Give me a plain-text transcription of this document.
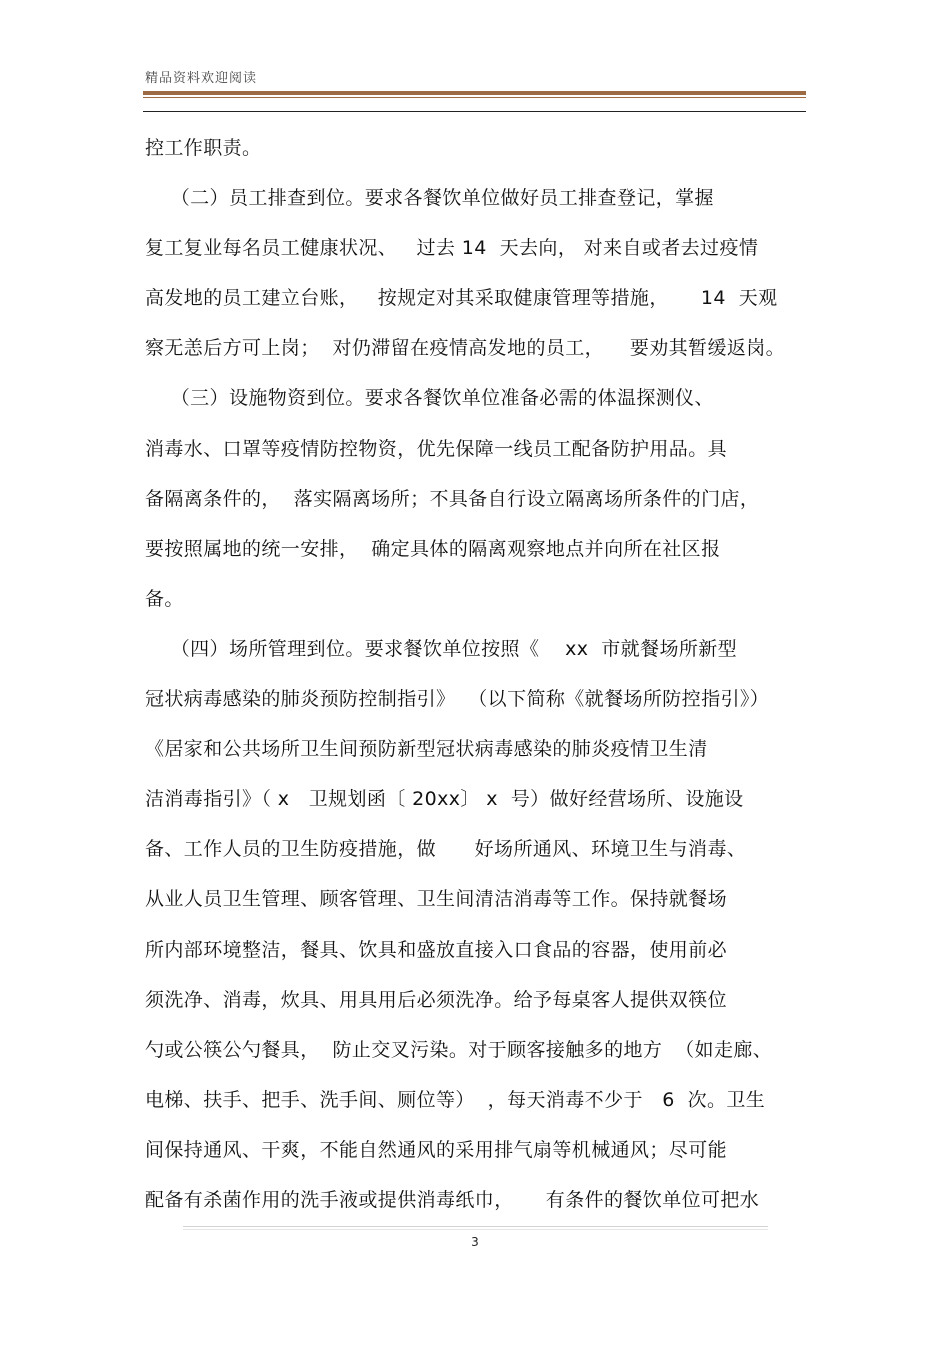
精品资料欢迎阅读
控工作职责。
（二）员工排查到位。要求各餐饮单位做好员工排查登记，掌握
复工复业每名员工健康状况、   过去 14  天去向， 对来自或者去过疫情
高发地的员工建立台账，   按规定对其采取健康管理等措施，     14  天观
察无恙后方可上岗；  对仍滞留在疫情高发地的员工，    要劝其暂缓返岗。
（三）设施物资到位。要求各餐饮单位准备必需的体温探测仪、
消毒水、口罩等疫情防控物资，优先保障一线员工配备防护用品。具
备隔离条件的，  落实隔离场所；不具备自行设立隔离场所条件的门店，
要按照属地的统一安排，  确定具体的隔离观察地点并向所在社区报
备。
（四）场所管理到位。要求餐饮单位按照《    xx  市就餐场所新型
冠状病毒感染的肺炎预防控制指引》  （以下简称《就餐场所防控指引》）
《居家和公共场所卫生间预防新型冠状病毒感染的肺炎疫情卫生清
洁消毒指引》（ x   卫规划函〔 20xx〕 x  号）做好经营场所、设施设
备、工作人员的卫生防疫措施，做      好场所通风、环境卫生与消毒、
从业人员卫生管理、顾客管理、卫生间清洁消毒等工作。保持就餐场
所内部环境整洁，餐具、饮具和盛放直接入口食品的容器，使用前必
须洗净、消毒，炊具、用具用后必须洗净。给予每桌客人提供双筷位
勺或公筷公勺餐具，  防止交叉污染。对于顾客接触多的地方  （如走廊、
电梯、扶手、把手、洗手间、厕位等）  ，每天消毒不少于   6  次。卫生
间保持通风、干爽，不能自然通风的采用排气扇等机械通风；尽可能
配备有杀菌作用的洗手液或提供消毒纸巾，     有条件的餐饮单位可把水
3
